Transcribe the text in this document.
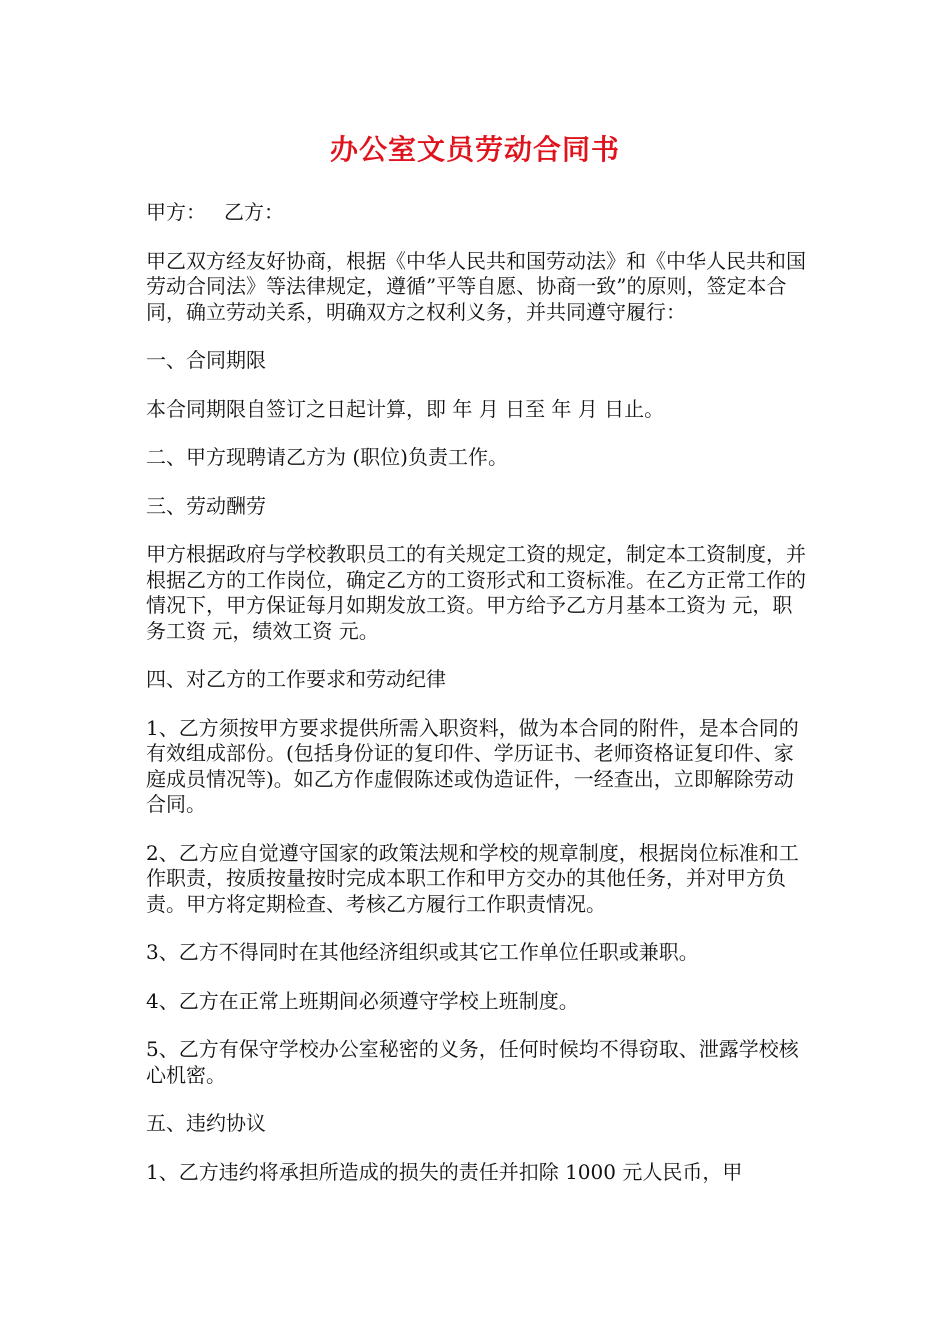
办公室文员劳动合同书
甲方： 乙方：
甲乙双方经友好协商，根据《中华人民共和国劳动法》和《中华人民共和国劳动合同法》等法律规定，遵循”平等自愿、协商一致”的原则，签定本合同，确立劳动关系，明确双方之权利义务，并共同遵守履行：
一、合同期限
本合同期限自签订之日起计算，即 年 月 日至 年 月 日止。
二、甲方现聘请乙方为 (职位)负责工作。
三、劳动酬劳
甲方根据政府与学校教职员工的有关规定工资的规定，制定本工资制度，并根据乙方的工作岗位，确定乙方的工资形式和工资标准。在乙方正常工作的情况下，甲方保证每月如期发放工资。甲方给予乙方月基本工资为 元，职务工资 元，绩效工资 元。
四、对乙方的工作要求和劳动纪律
1、乙方须按甲方要求提供所需入职资料，做为本合同的附件，是本合同的有效组成部份。(包括身份证的复印件、学历证书、老师资格证复印件、家庭成员情况等)。如乙方作虚假陈述或伪造证件，一经查出，立即解除劳动合同。
2、乙方应自觉遵守国家的政策法规和学校的规章制度，根据岗位标准和工作职责，按质按量按时完成本职工作和甲方交办的其他任务，并对甲方负责。甲方将定期检查、考核乙方履行工作职责情况。
3、乙方不得同时在其他经济组织或其它工作单位任职或兼职。
4、乙方在正常上班期间必须遵守学校上班制度。
5、乙方有保守学校办公室秘密的义务，任何时候均不得窃取、泄露学校核心机密。
五、违约协议
1、乙方违约将承担所造成的损失的责任并扣除 1000 元人民币，甲
